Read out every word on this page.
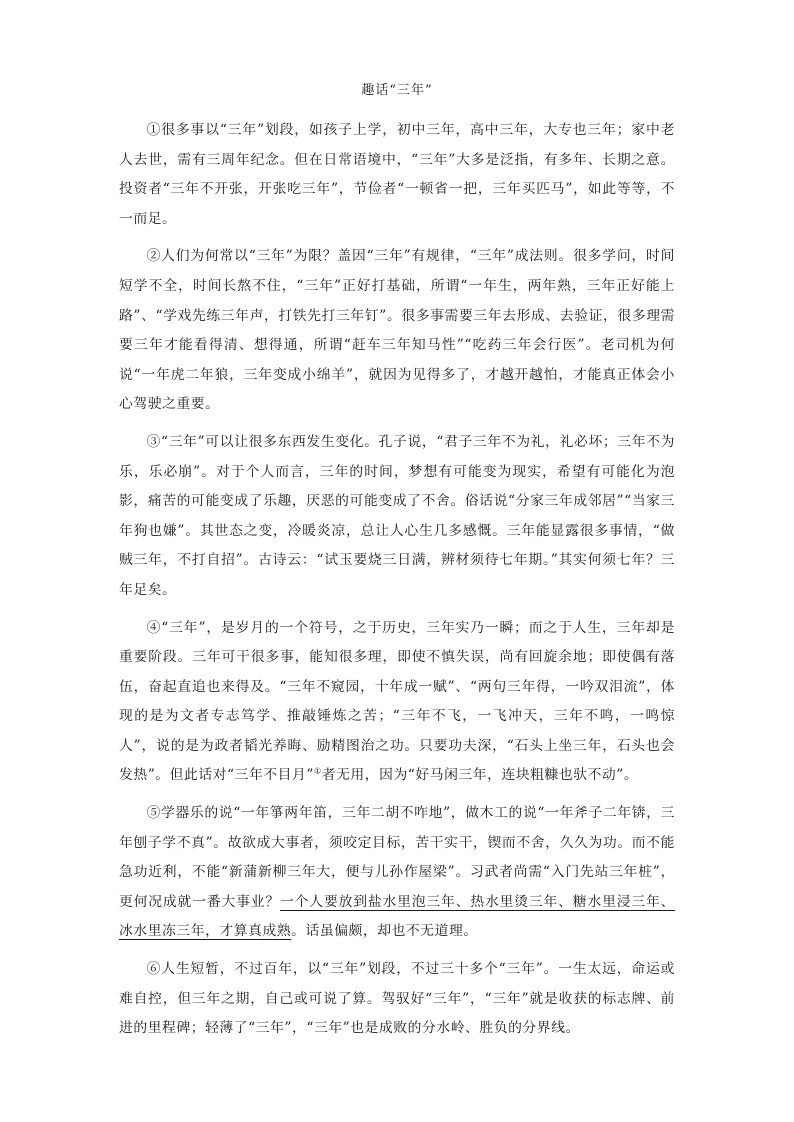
趣话“三年”

①很多事以“三年”划段，如孩子上学，初中三年，高中三年，大专也三年；家中老人去世，需有三周年纪念。但在日常语境中，“三年”大多是泛指，有多年、长期之意。投资者“三年不开张，开张吃三年”，节俭者“一顿省一把，三年买匹马”，如此等等，不一而足。

②人们为何常以“三年”为限？盖因“三年”有规律，“三年”成法则。很多学问，时间短学不全，时间长熬不住，“三年”正好打基础，所谓“一年生，两年熟，三年正好能上路”、“学戏先练三年声，打铁先打三年钉”。很多事需要三年去形成、去验证，很多理需要三年才能看得清、想得通，所谓“赶车三年知马性”“吃药三年会行医”。老司机为何说“一年虎二年狼，三年变成小绵羊”，就因为见得多了，才越开越怕，才能真正体会小心驾驶之重要。

③“三年”可以让很多东西发生变化。孔子说，“君子三年不为礼，礼必坏；三年不为乐，乐必崩”。对于个人而言，三年的时间，梦想有可能变为现实，希望有可能化为泡影，痛苦的可能变成了乐趣，厌恶的可能变成了不舍。俗话说“分家三年成邻居”“当家三年狗也嫌”。其世态之变，冷暖炎凉，总让人心生几多感慨。三年能显露很多事情，“做贼三年，不打自招”。古诗云：“试玉要烧三日满，辨材须待七年期。”其实何须七年？三年足矣。

④“三年”，是岁月的一个符号，之于历史，三年实乃一瞬；而之于人生，三年却是重要阶段。三年可干很多事，能知很多理，即使不慎失误，尚有回旋余地；即使偶有落伍，奋起直追也来得及。“三年不窥园，十年成一赋”、“两句三年得，一吟双泪流”，体现的是为文者专志笃学、推敲锤炼之苦；“三年不飞，一飞冲天，三年不鸣，一鸣惊人”，说的是为政者韬光养晦、励精图治之功。只要功夫深，“石头上坐三年，石头也会发热”。但此话对“三年不目月”①者无用，因为“好马闲三年，连块粗糠也驮不动”。

⑤学器乐的说“一年箏两年笛，三年二胡不咋地”，做木工的说“一年斧子二年锛，三年刨子学不真”。故欲成大事者，须咬定目标，苦干实干，锲而不舍，久久为功。而不能急功近利，不能“新蒲新柳三年大，便与儿孙作屋梁”。习武者尚需“入门先站三年桩”，更何况成就一番大事业？一个人要放到盐水里泡三年、热水里烫三年、糖水里浸三年、冰水里冻三年，才算真成熟。话虽偏颇，却也不无道理。

⑥人生短暂，不过百年，以“三年”划段，不过三十多个“三年”。一生太远，命运或难自控，但三年之期，自己或可说了算。驾驭好“三年”，“三年”就是收获的标志牌、前进的里程碑；轻薄了“三年”，“三年”也是成败的分水岭、胜负的分界线。
